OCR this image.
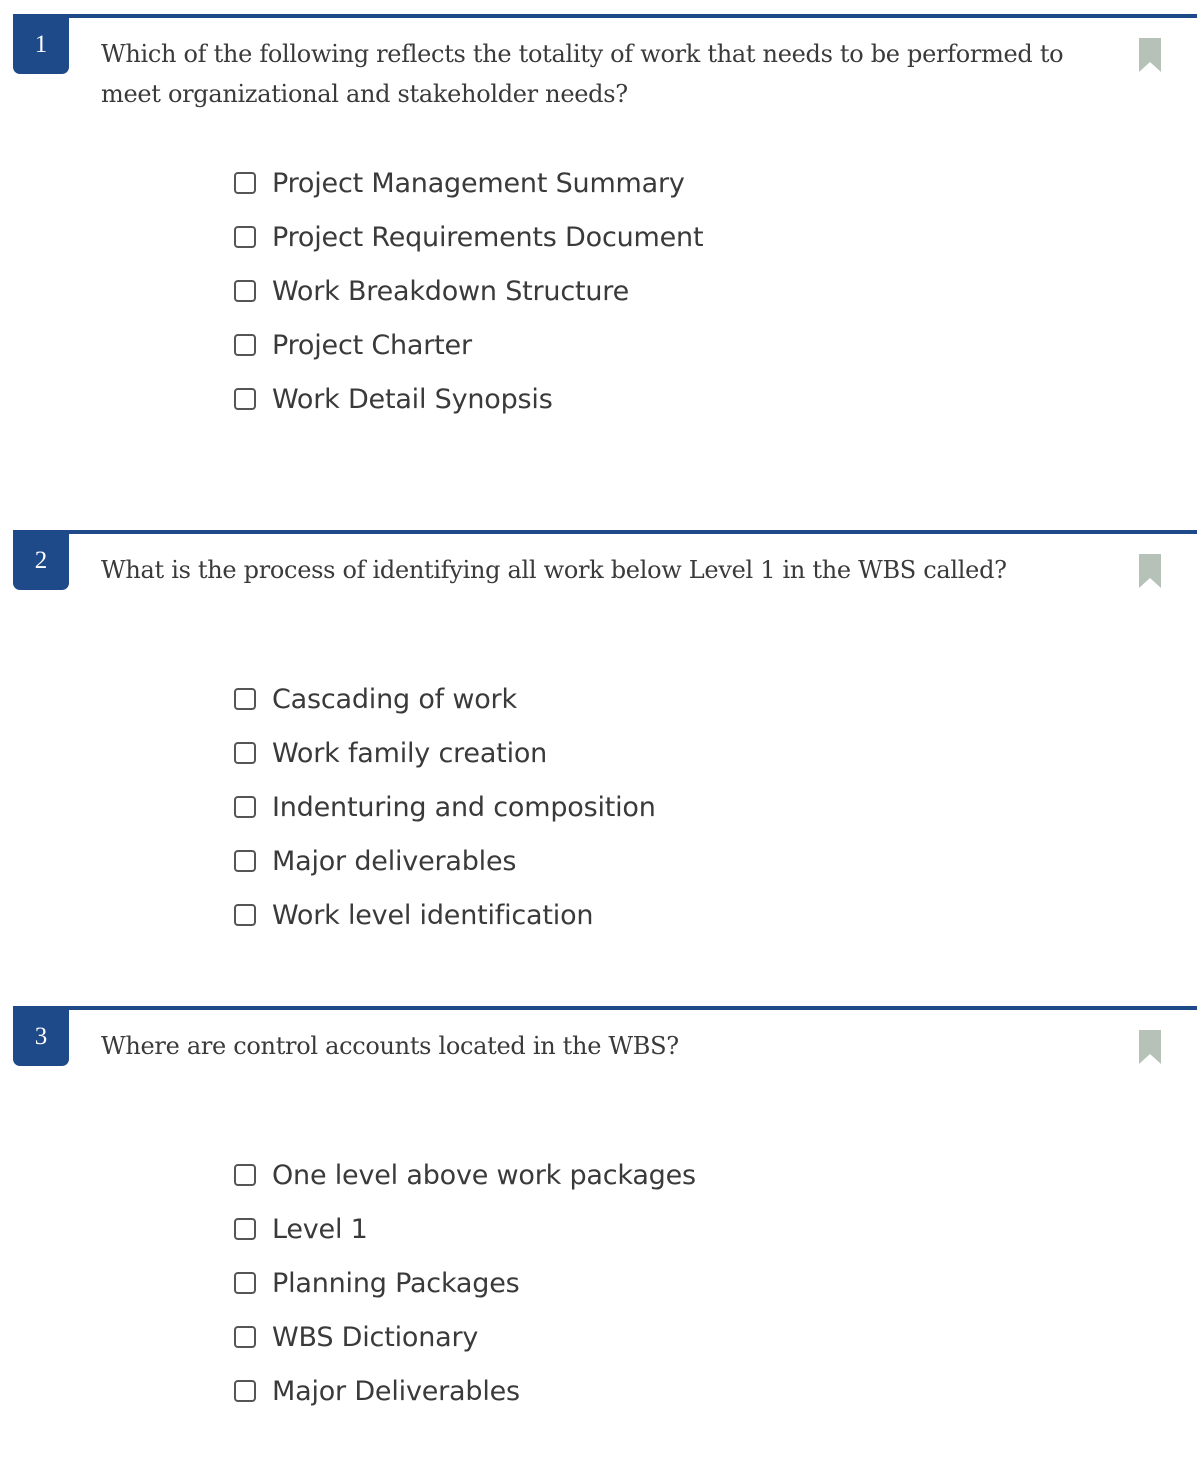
1	Which of the following reflects the totality of work that needs to be performed to meet organizational and stakeholder needs?

Project Management Summary
Project Requirements Document
Work Breakdown Structure
Project Charter
Work Detail Synopsis
2	What is the process of identifying all work below Level 1 in the WBS called?

Cascading of work
Work family creation
Indenturing and composition
Major deliverables
Work level identification
3	Where are control accounts located in the WBS?

One level above work packages
Level 1
Planning Packages
WBS Dictionary
Major Deliverables
